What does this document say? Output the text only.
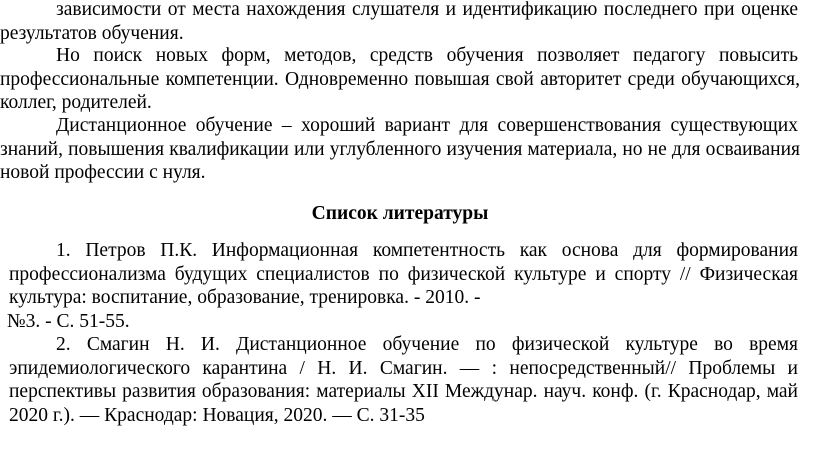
зависимости от места нахождения слушателя и идентификацию последнего при оценке
результатов обучения.
Но поиск новых форм, методов, средств обучения позволяет педагогу повысить
профессиональные компетенции. Одновременно повышая свой авторитет среди обучающихся,
коллег, родителей.
Дистанционное обучение – хороший вариант для совершенствования существующих
знаний, повышения квалификации или углубленного изучения материала, но не для осваивания
новой профессии с нуля.
Список литературы
1. Петров П.К. Информационная компетентность как основа для формирования
профессионализма будущих специалистов по физической культуре и спорту // Физическая
культура: воспитание, образование, тренировка. - 2010. -
№3. - С. 51-55.
2. Смагин Н. И. Дистанционное обучение по физической культуре во время
эпидемиологического карантина / Н. И. Смагин. — : непосредственный// Проблемы и
перспективы развития образования: материалы XII Междунар. науч. конф. (г. Краснодар, май
2020 г.). — Краснодар: Новация, 2020. — С. 31-35
